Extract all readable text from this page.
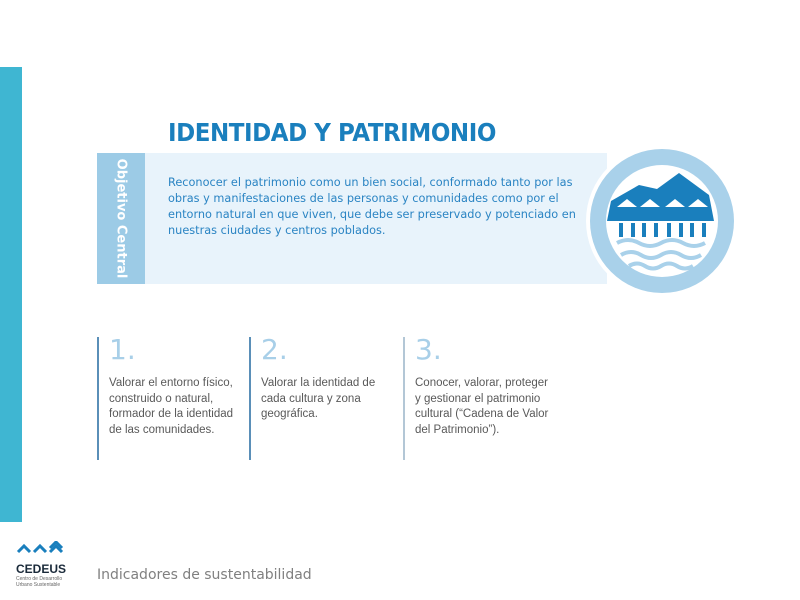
IDENTIDAD Y PATRIMONIO
Objetivo Central	Reconocer el patrimonio como un bien social, conformado tanto por las obras y manifestaciones de las personas y comunidades como por el entorno natural en que viven, que debe ser preservado y potenciado en nuestras ciudades y centros poblados.
1.
Valorar el entorno físico, construido o natural, formador de la identidad de las comunidades.
2.
Valorar la identidad de cada cultura y zona geográfica.
3.
Conocer, valorar, proteger y gestionar el patrimonio cultural (“Cadena de Valor del Patrimonio”).
CEDEUS
Centro de Desarrollo
Urbano Sustentable
Indicadores de sustentabilidad
